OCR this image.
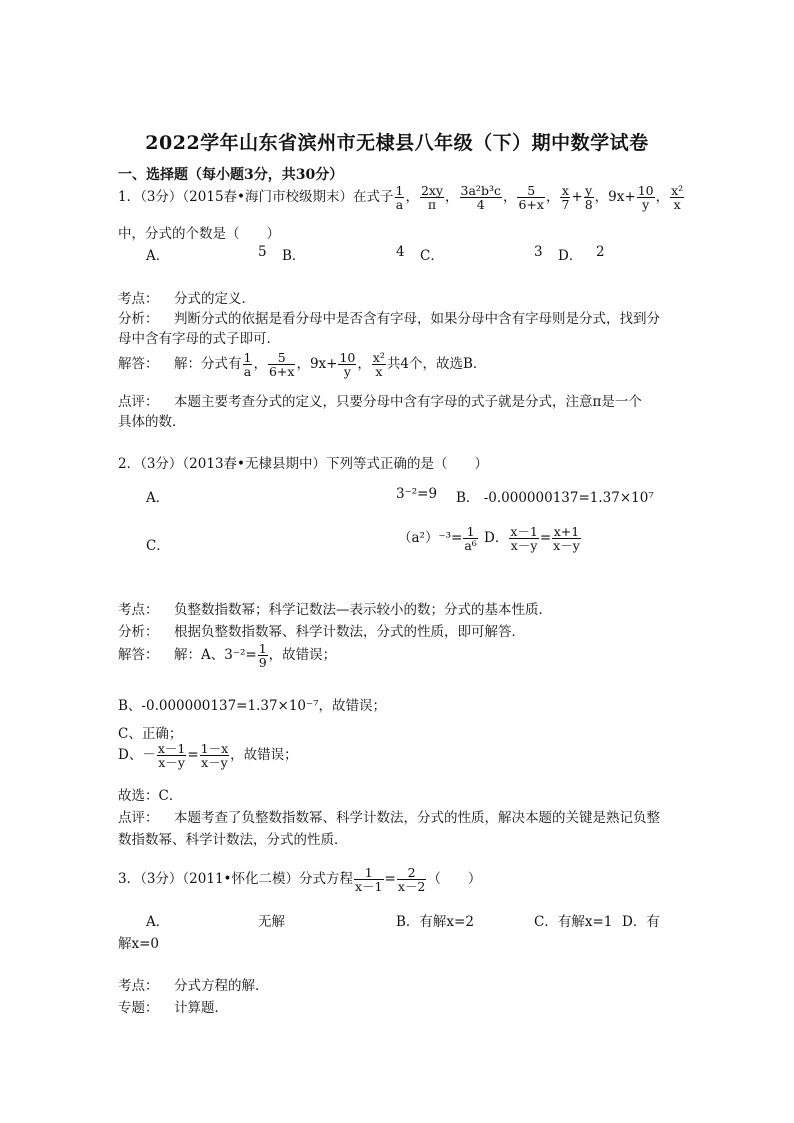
2022学年山东省滨州市无棣县八年级（下）期中数学试卷
一、选择题（每小题3分，共30分）
1．（3分）（2015春•海门市校级期末）在式子 $\frac{1}{a}$ ， $\frac{2xy}{\pi}$ ， $\frac{\text{3a²b³c}}{4}$ ， $\frac{5}{6+x}$ ， $\frac{x}{7} + \frac{y}{8}$ ，$9x+ \frac{10}{y}$ ， $\frac{\text{x²}}{x}$
中，分式的个数是（　　）
A．	5 B．	4 C．	3 D． 2
考点： 分式的定义．
分析： 判断分式的依据是看分母中是否含有字母，如果分母中含有字母则是分式，找到分
母中含有字母的式子即可．
解答： 解：分式有 $\frac{1}{a}$ ， $\frac{5}{6+x}$ ，$9x+ \frac{10}{y}$ ， $\frac{\text{x²}}{x}$ 共4个，故选B．
点评： 本题主要考查分式的定义，只要分母中含有字母的式子就是分式，注意π是一个
具体的数．
2．（3分）（2013春•无棣县期中）下列等式正确的是（　　）
A．	3⁻²=9 B． -0.000000137=1.37×10⁷
C．	$(a^2)^{-3}= \frac{1}{\text{a⁶}}$ D． $\frac{x-1}{x-y} = \frac{x+1}{x-y}$
考点： 负整数指数幂；科学记数法—表示较小的数；分式的基本性质．
分析： 根据负整数指数幂、科学计数法，分式的性质，即可解答．
解答： 解：A、$3^{-2}= \frac{1}{9}$ ，故错误；
B、-0.000000137=1.37×10⁻⁷，故错误；
C、正确；
D、－ $\frac{x-1}{x-y} = \frac{1-x}{x-y}$ ，故错误；
故选：C．
点评： 本题考查了负整数指数幂、科学计数法，分式的性质，解决本题的关键是熟记负整
数指数幂、科学计数法，分式的性质．
3．（3分）（2011•怀化二模）分式方程 $\frac{1}{x-1} = \frac{2}{x-2}$ （　　）
A．	无解	B．有解x=2	C．有解x=1 D．有
解x=0
考点： 分式方程的解．
专题： 计算题．
